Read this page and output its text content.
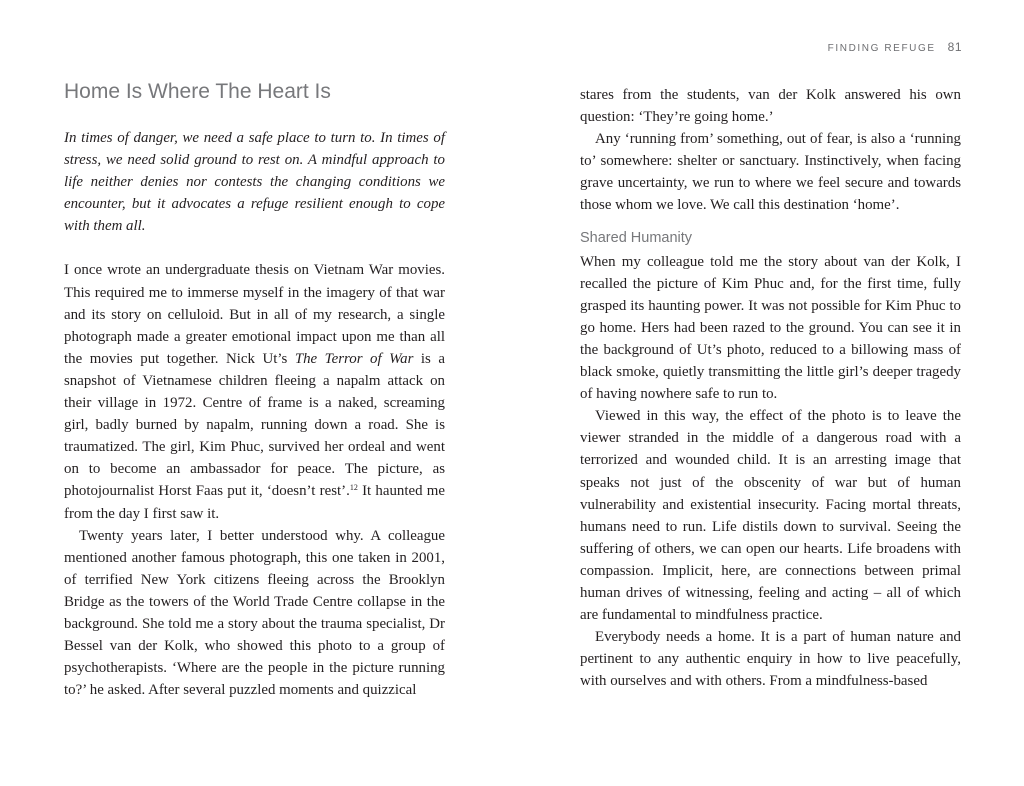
FINDING REFUGE 81
Home Is Where The Heart Is

In times of danger, we need a safe place to turn to. In times of stress, we need solid ground to rest on. A mindful approach to life neither denies nor contests the changing conditions we encounter, but it advocates a refuge resilient enough to cope with them all.

I once wrote an undergraduate thesis on Vietnam War movies. This required me to immerse myself in the imagery of that war and its story on celluloid. But in all of my research, a single photograph made a greater emotional impact upon me than all the movies put together. Nick Ut’s The Terror of War is a snapshot of Vietnamese children fleeing a napalm attack on their village in 1972. Centre of frame is a naked, screaming girl, badly burned by napalm, running down a road. She is traumatized. The girl, Kim Phuc, survived her ordeal and went on to become an ambassador for peace. The picture, as photojournalist Horst Faas put it, ‘doesn’t rest’.$^{12}$ It haunted me from the day I first saw it.

Twenty years later, I better understood why. A colleague mentioned another famous photograph, this one taken in 2001, of terrified New York citizens fleeing across the Brooklyn Bridge as the towers of the World Trade Centre collapse in the background. She told me a story about the trauma specialist, Dr Bessel van der Kolk, who showed this photo to a group of psychotherapists. ‘Where are the people in the picture running to?’ he asked. After several puzzled moments and quizzical

stares from the students, van der Kolk answered his own question: ‘They’re going home.’

Any ‘running from’ something, out of fear, is also a ‘running to’ somewhere: shelter or sanctuary. Instinctively, when facing grave uncertainty, we run to where we feel secure and towards those whom we love. We call this destination ‘home’.

Shared Humanity

When my colleague told me the story about van der Kolk, I recalled the picture of Kim Phuc and, for the first time, fully grasped its haunting power. It was not possible for Kim Phuc to go home. Hers had been razed to the ground. You can see it in the background of Ut’s photo, reduced to a billowing mass of black smoke, quietly transmitting the little girl’s deeper tragedy of having nowhere safe to run to.

Viewed in this way, the effect of the photo is to leave the viewer stranded in the middle of a dangerous road with a terrorized and wounded child. It is an arresting image that speaks not just of the obscenity of war but of human vulnerability and existential insecurity. Facing mortal threats, humans need to run. Life distils down to survival. Seeing the suffering of others, we can open our hearts. Life broadens with compassion. Implicit, here, are connections between primal human drives of witnessing, feeling and acting – all of which are fundamental to mindfulness practice.

Everybody needs a home. It is a part of human nature and pertinent to any authentic enquiry in how to live peacefully, with ourselves and with others. From a mindfulness-based
